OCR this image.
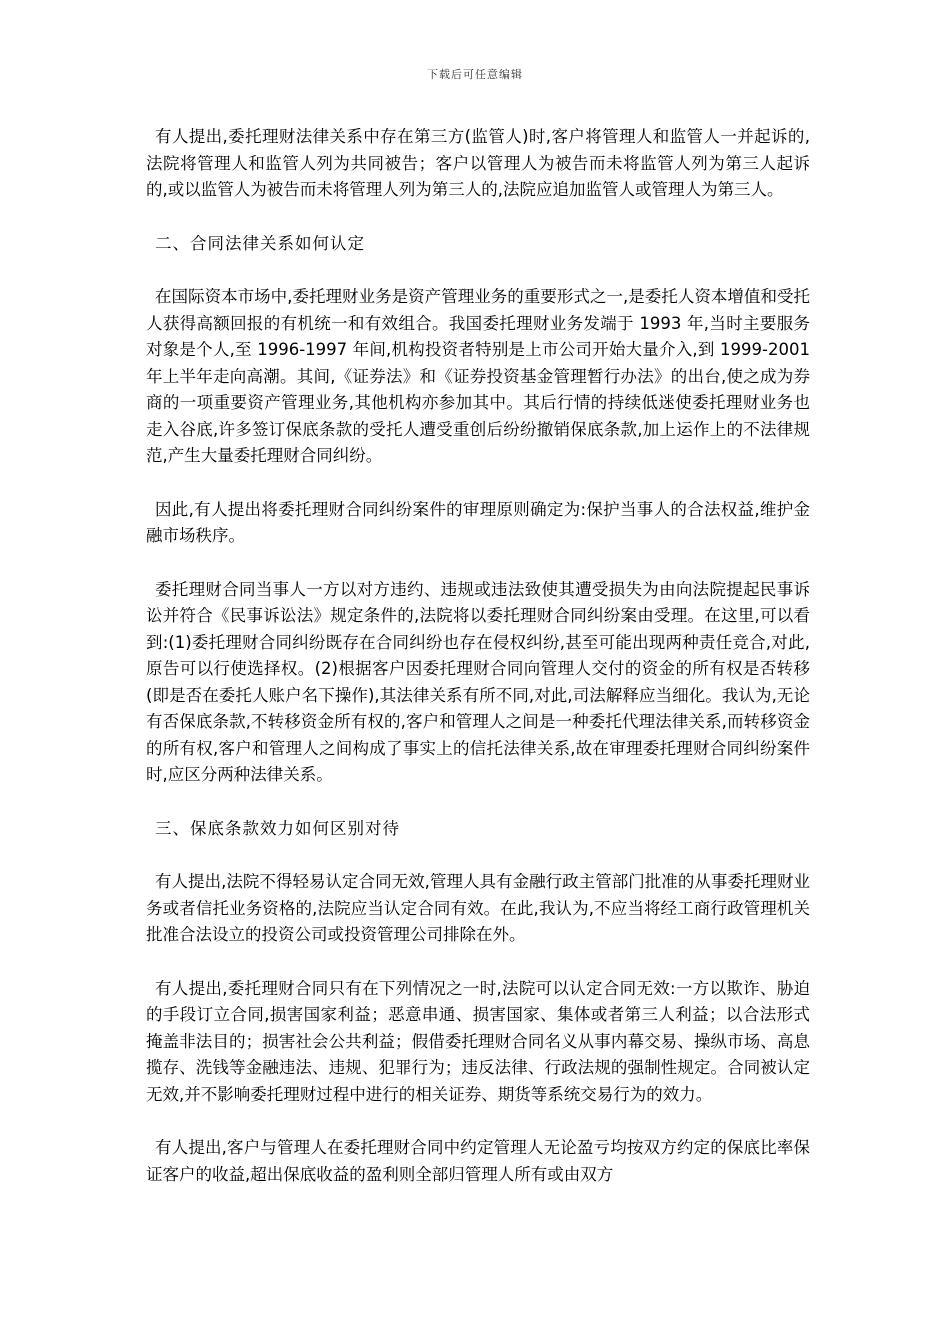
下载后可任意编辑

有人提出,委托理财法律关系中存在第三方(监管人)时,客户将管理人和监管人一并起诉的,法院将管理人和监管人列为共同被告；客户以管理人为被告而未将监管人列为第三人起诉的,或以监管人为被告而未将管理人列为第三人的,法院应追加监管人或管理人为第三人。

二、合同法律关系如何认定

在国际资本市场中,委托理财业务是资产管理业务的重要形式之一,是委托人资本增值和受托人获得高额回报的有机统一和有效组合。我国委托理财业务发端于 1993 年,当时主要服务对象是个人,至 1996-1997 年间,机构投资者特别是上市公司开始大量介入,到 1999-2001 年上半年走向高潮。其间,《证券法》和《证券投资基金管理暂行办法》的出台,使之成为券商的一项重要资产管理业务,其他机构亦参加其中。其后行情的持续低迷使委托理财业务也走入谷底,许多签订保底条款的受托人遭受重创后纷纷撤销保底条款,加上运作上的不法律规范,产生大量委托理财合同纠纷。

因此,有人提出将委托理财合同纠纷案件的审理原则确定为:保护当事人的合法权益,维护金融市场秩序。

委托理财合同当事人一方以对方违约、违规或违法致使其遭受损失为由向法院提起民事诉讼并符合《民事诉讼法》规定条件的,法院将以委托理财合同纠纷案由受理。在这里,可以看到:(1)委托理财合同纠纷既存在合同纠纷也存在侵权纠纷,甚至可能出现两种责任竞合,对此,原告可以行使选择权。(2)根据客户因委托理财合同向管理人交付的资金的所有权是否转移(即是否在委托人账户名下操作),其法律关系有所不同,对此,司法解释应当细化。我认为,无论有否保底条款,不转移资金所有权的,客户和管理人之间是一种委托代理法律关系,而转移资金的所有权,客户和管理人之间构成了事实上的信托法律关系,故在审理委托理财合同纠纷案件时,应区分两种法律关系。

三、保底条款效力如何区别对待

有人提出,法院不得轻易认定合同无效,管理人具有金融行政主管部门批准的从事委托理财业务或者信托业务资格的,法院应当认定合同有效。在此,我认为,不应当将经工商行政管理机关批准合法设立的投资公司或投资管理公司排除在外。

有人提出,委托理财合同只有在下列情况之一时,法院可以认定合同无效:一方以欺诈、胁迫的手段订立合同,损害国家利益；恶意串通、损害国家、集体或者第三人利益；以合法形式掩盖非法目的；损害社会公共利益；假借委托理财合同名义从事内幕交易、操纵市场、高息揽存、洗钱等金融违法、违规、犯罪行为；违反法律、行政法规的强制性规定。合同被认定无效,并不影响委托理财过程中进行的相关证券、期货等系统交易行为的效力。

有人提出,客户与管理人在委托理财合同中约定管理人无论盈亏均按双方约定的保底比率保证客户的收益,超出保底收益的盈利则全部归管理人所有或由双方
